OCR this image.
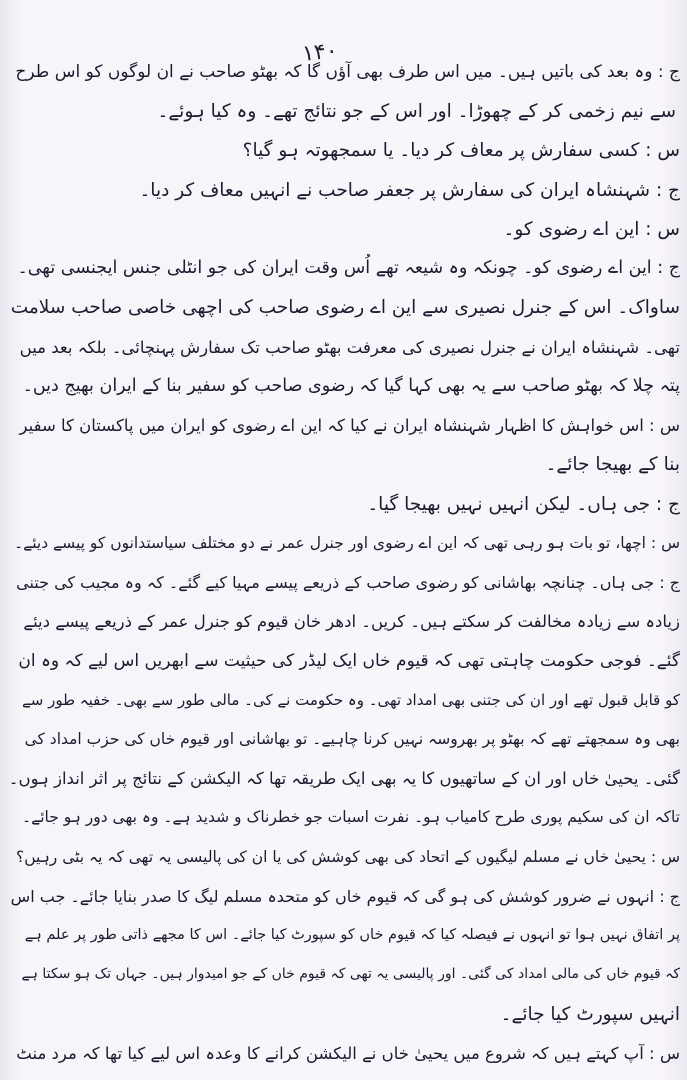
۱۴۰
ج : وہ بعد کی باتیں ہیں۔ میں اس طرف بھی آؤں گا کہ بھٹو صاحب نے ان لوگوں کو اس طرح
سے نیم زخمی کر کے چھوڑا۔ اور اس کے جو نتائج تھے۔ وہ کیا ہوئے۔
س : کسی سفارش پر معاف کر دیا۔ یا سمجھوتہ ہو گیا؟
ج : شہنشاہ ایران کی سفارش پر جعفر صاحب نے انہیں معاف کر دیا۔
س : این اے رضوی کو۔
ج : این اے رضوی کو۔ چونکہ وہ شیعہ تھے اُس وقت ایران کی جو انٹلی جنس ایجنسی تھی۔
ساواک۔ اس کے جنرل نصیری سے این اے رضوی صاحب کی اچھی خاصی صاحب سلامت
تھی۔ شہنشاہ ایران نے جنرل نصیری کی معرفت بھٹو صاحب تک سفارش پہنچائی۔ بلکہ بعد میں
پتہ چلا کہ بھٹو صاحب سے یہ بھی کہا گیا کہ رضوی صاحب کو سفیر بنا کے ایران بھیج دیں۔
س : اس خواہش کا اظہار شہنشاہ ایران نے کیا کہ این اے رضوی کو ایران میں پاکستان کا سفیر
بنا کے بھیجا جائے۔
ج : جی ہاں۔ لیکن انہیں نہیں بھیجا گیا۔
س : اچھا، تو بات ہو رہی تھی کہ این اے رضوی اور جنرل عمر نے دو مختلف سیاستدانوں کو پیسے دیئے۔
ج : جی ہاں۔ چنانچہ بھاشانی کو رضوی صاحب کے ذریعے پیسے مہیا کیے گئے۔ کہ وہ مجیب کی جتنی
زیادہ سے زیادہ مخالفت کر سکتے ہیں۔ کریں۔ ادھر خان قیوم کو جنرل عمر کے ذریعے پیسے دیئے
گئے۔ فوجی حکومت چاہتی تھی کہ قیوم خاں ایک لیڈر کی حیثیت سے ابھریں اس لیے کہ وہ ان
کو قابل قبول تھے اور ان کی جتنی بھی امداد تھی۔ وہ حکومت نے کی۔ مالی طور سے بھی۔ خفیہ طور سے
بھی وہ سمجھتے تھے کہ بھٹو پر بھروسہ نہیں کرنا چاہیے۔ تو بھاشانی اور قیوم خاں کی حزب امداد کی
گئی۔ یحییٰ خاں اور ان کے ساتھیوں کا یہ بھی ایک طریقہ تھا کہ الیکشن کے نتائج پر اثر انداز ہوں۔
تاکہ ان کی سکیم پوری طرح کامیاب ہو۔ نفرت اسبات جو خطرناک و شدید ہے۔ وہ بھی دور ہو جائے۔
س : یحییٰ خاں نے مسلم لیگیوں کے اتحاد کی بھی کوشش کی یا ان کی پالیسی یہ تھی کہ یہ بٹی رہیں؟
ج : انہوں نے ضرور کوشش کی ہو گی کہ قیوم خاں کو متحدہ مسلم لیگ کا صدر بنایا جائے۔ جب اس
پر اتفاق نہیں ہوا تو انہوں نے فیصلہ کیا کہ قیوم خاں کو سپورٹ کیا جائے۔ اس کا مجھے ذاتی طور پر علم ہے
کہ قیوم خاں کی مالی امداد کی گئی۔ اور پالیسی یہ تھی کہ قیوم خاں کے جو امیدوار ہیں۔ جہاں تک ہو سکتا ہے
انہیں سپورٹ کیا جائے۔
س : آپ کہتے ہیں کہ شروع میں یحییٰ خاں نے الیکشن کرانے کا وعدہ اس لیے کیا تھا کہ مرد منٹ
